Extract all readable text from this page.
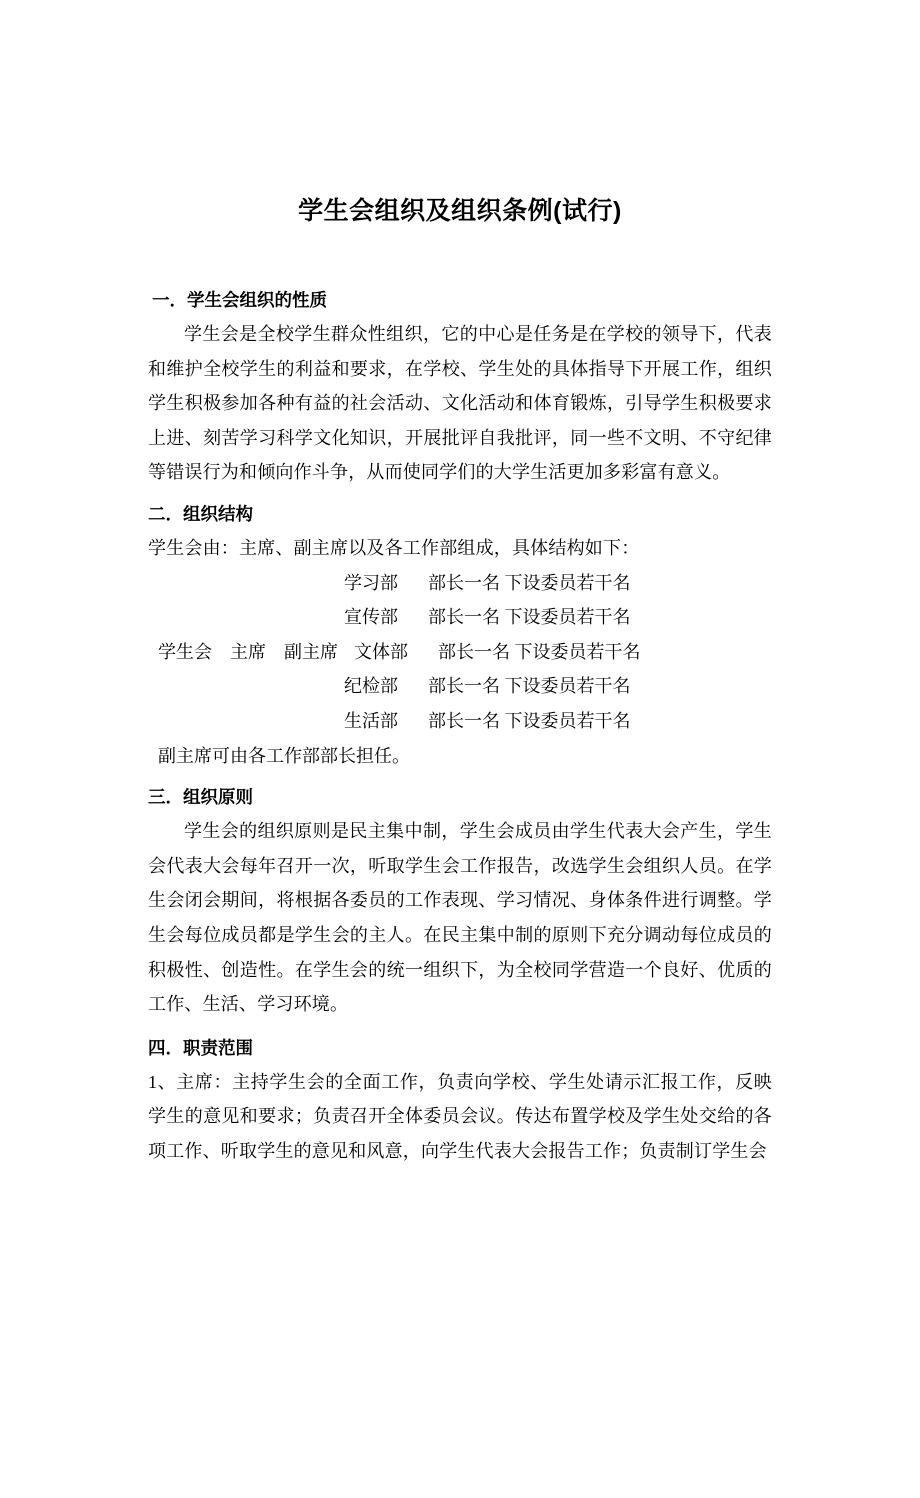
学生会组织及组织条例(试行)
一．学生会组织的性质

学生会是全校学生群众性组织，它的中心是任务是在学校的领导下，代表和维护全校学生的利益和要求，在学校、学生处的具体指导下开展工作，组织学生积极参加各种有益的社会活动、文化活动和体育锻炼，引导学生积极要求上进、刻苦学习科学文化知识，开展批评自我批评，同一些不文明、不守纪律等错误行为和倾向作斗争，从而使同学们的大学生活更加多彩富有意义。

二．组织结构

学生会由：主席、副主席以及各工作部组成，具体结构如下：

学习部	部长一名 下设委员若干名
宣传部	部长一名 下设委员若干名
学生会　主席　副主席 文体部	部长一名 下设委员若干名
纪检部	部长一名 下设委员若干名
生活部	部长一名 下设委员若干名

副主席可由各工作部部长担任。

三．组织原则

学生会的组织原则是民主集中制，学生会成员由学生代表大会产生，学生会代表大会每年召开一次，听取学生会工作报告，改选学生会组织人员。在学生会闭会期间，将根据各委员的工作表现、学习情况、身体条件进行调整。学生会每位成员都是学生会的主人。在民主集中制的原则下充分调动每位成员的积极性、创造性。在学生会的统一组织下，为全校同学营造一个良好、优质的工作、生活、学习环境。

四．职责范围

1、主席：主持学生会的全面工作，负责向学校、学生处请示汇报工作，反映学生的意见和要求；负责召开全体委员会议。传达布置学校及学生处交给的各项工作、听取学生的意见和风意，向学生代表大会报告工作；负责制订学生会
